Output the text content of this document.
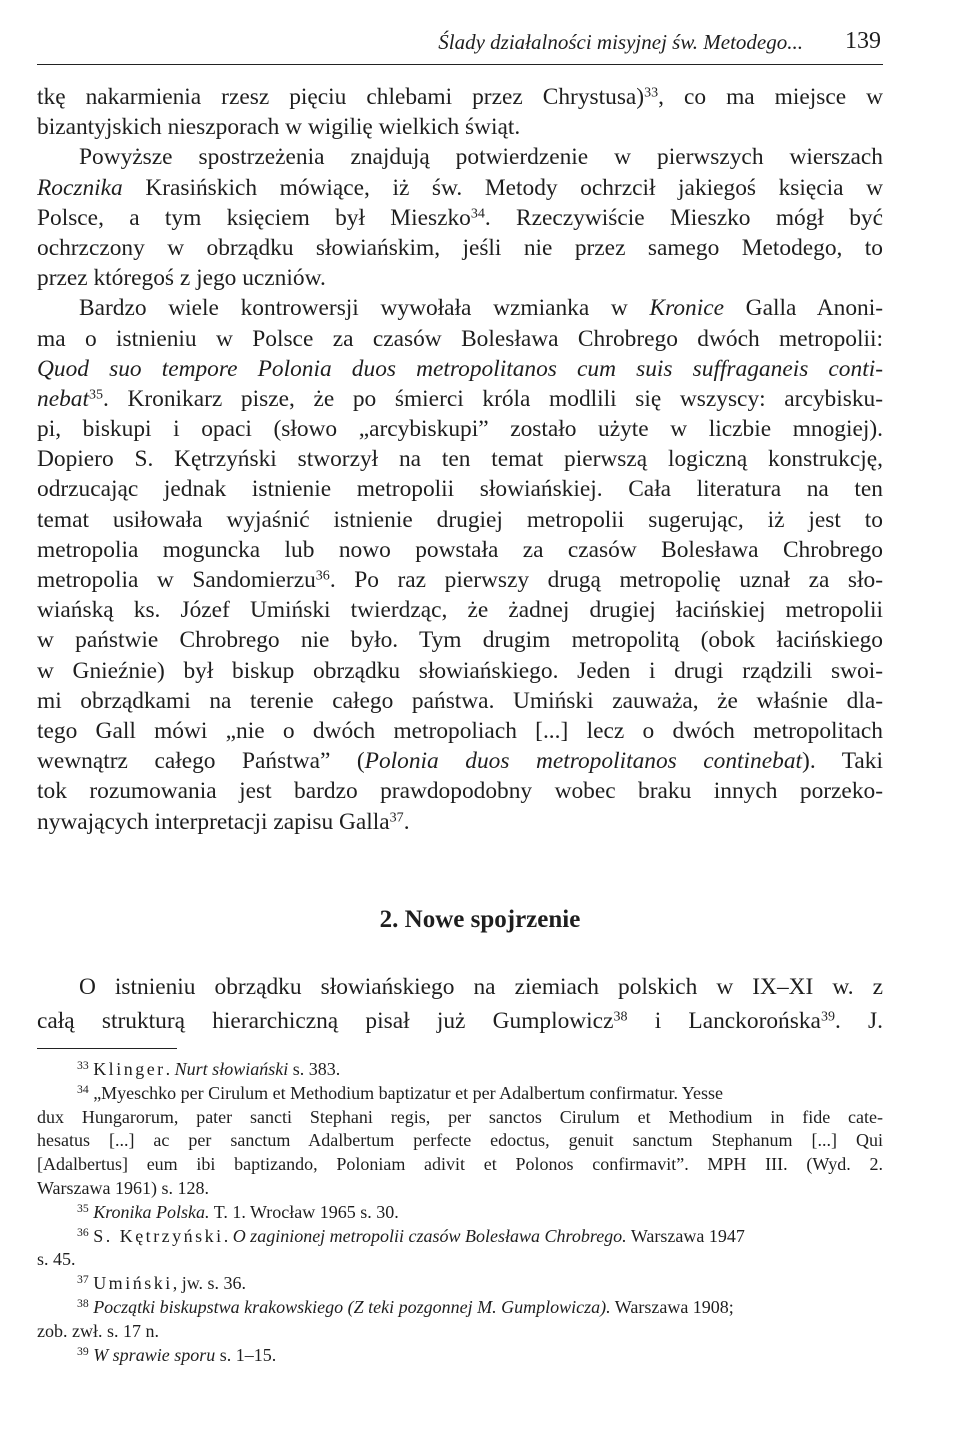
Ślady działalności misyjnej św. Metodego... 139
tkę nakarmienia rzesz pięciu chlebami przez Chrystusa)$^{33}$, co ma miejsce w
bizantyjskich nieszporach w wigilię wielkich świąt.
Powyższe spostrzeżenia znajdują potwierdzenie w pierwszych wierszach
Rocznika Krasińskich mówiące, iż św. Metody ochrzcił jakiegoś księcia w
Polsce, a tym księciem był Mieszko$^{34}$. Rzeczywiście Mieszko mógł być
ochrzczony w obrządku słowiańskim, jeśli nie przez samego Metodego, to
przez któregoś z jego uczniów.
Bardzo wiele kontrowersji wywołała wzmianka w Kronice Galla Anoni-
ma o istnieniu w Polsce za czasów Bolesława Chrobrego dwóch metropolii:
Quod suo tempore Polonia duos metropolitanos cum suis suffraganeis conti-
nebat$^{35}$. Kronikarz pisze, że po śmierci króla modlili się wszyscy: arcybisku-
pi, biskupi i opaci (słowo „arcybiskupi” zostało użyte w liczbie mnogiej).
Dopiero S. Kętrzyński stworzył na ten temat pierwszą logiczną konstrukcję,
odrzucając jednak istnienie metropolii słowiańskiej. Cała literatura na ten
temat usiłowała wyjaśnić istnienie drugiej metropolii sugerując, iż jest to
metropolia moguncka lub nowo powstała za czasów Bolesława Chrobrego
metropolia w Sandomierzu$^{36}$. Po raz pierwszy drugą metropolię uznał za sło-
wiańską ks. Józef Umiński twierdząc, że żadnej drugiej łacińskiej metropolii
w państwie Chrobrego nie było. Tym drugim metropolitą (obok łacińskiego
w Gnieźnie) był biskup obrządku słowiańskiego. Jeden i drugi rządzili swoi-
mi obrządkami na terenie całego państwa. Umiński zauważa, że właśnie dla-
tego Gall mówi „nie o dwóch metropoliach [...] lecz o dwóch metropolitach
wewnątrz całego Państwa” (Polonia duos metropolitanos continebat). Taki
tok rozumowania jest bardzo prawdopodobny wobec braku innych porzeko-
nywających interpretacji zapisu Galla$^{37}$.
2. Nowe spojrzenie
O istnieniu obrządku słowiańskiego na ziemiach polskich w IX–XI w. z
całą strukturą hierarchiczną pisał już Gumplowicz$^{38}$ i Lanckorońska$^{39}$. J.
$^{33}$ Klinger. Nurt słowiański s. 383.
$^{34}$ „Myeschko per Cirulum et Methodium baptizatur et per Adalbertum confirmatur. Yesse
dux Hungarorum, pater sancti Stephani regis, per sanctos Cirulum et Methodium in fide cate-
hesatus [...] ac per sanctum Adalbertum perfecte edoctus, genuit sanctum Stephanum [...] Qui
[Adalbertus] eum ibi baptizando, Poloniam adivit et Polonos confirmavit”. MPH III. (Wyd. 2.
Warszawa 1961) s. 128.
$^{35}$ Kronika Polska. T. 1. Wrocław 1965 s. 30.
$^{36}$ S. Kętrzyński. O zaginionej metropolii czasów Bolesława Chrobrego. Warszawa 1947
s. 45.
$^{37}$ Umiński, jw. s. 36.
$^{38}$ Początki biskupstwa krakowskiego (Z teki pozgonnej M. Gumplowicza). Warszawa 1908;
zob. zwł. s. 17 n.
$^{39}$ W sprawie sporu s. 1–15.
